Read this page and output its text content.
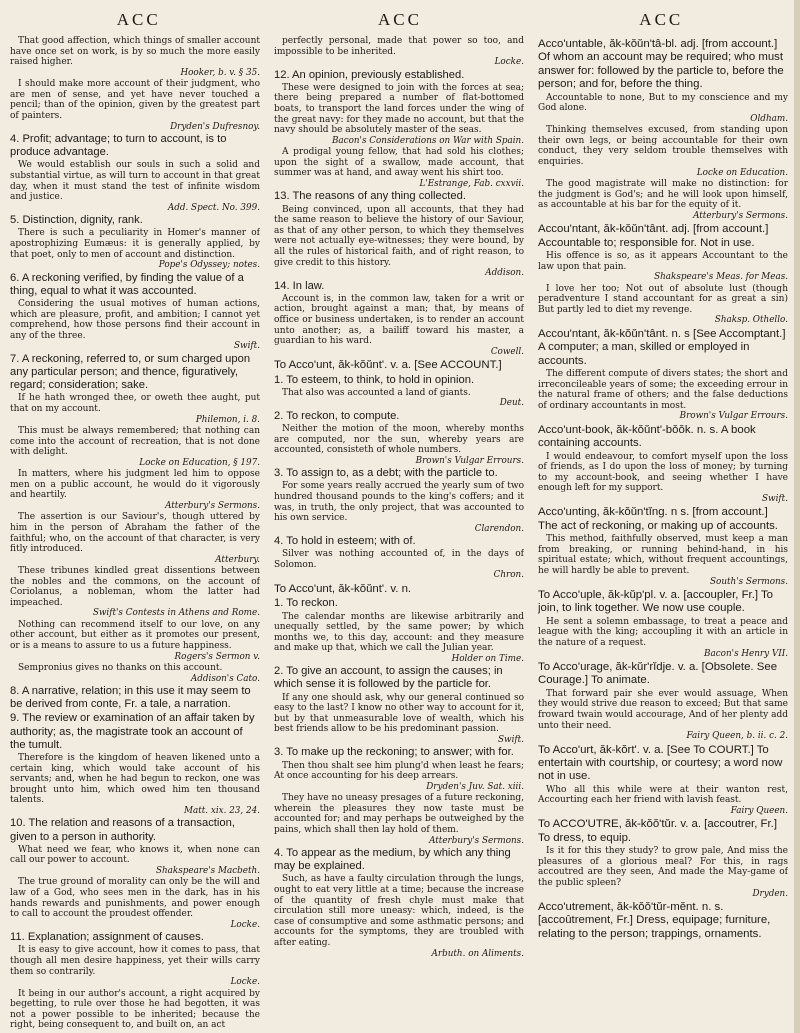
ACC	ACC	ACC

That good affection, which things of smaller account have once set on work, is by so much the more easily raised higher.

Hooker, b. v. § 35.

I should make more account of their judgment, who are men of sense, and yet have never touched a pencil; than of the opinion, given by the greatest part of painters.

Dryden's Dufresnoy.

4. Profit; advantage; to turn to account, is to produce advantage.

We would establish our souls in such a solid and substantial virtue, as will turn to account in that great day, when it must stand the test of infinite wisdom and justice.

Add. Spect. No. 399.

5. Distinction, dignity, rank.

There is such a peculiarity in Homer's manner of apostrophizing Eumæus: it is generally applied, by that poet, only to men of account and distinction.

Pope's Odyssey; notes.

6. A reckoning verified, by finding the value of a thing, equal to what it was accounted.

Considering the usual motives of human actions, which are pleasure, profit, and ambition; I cannot yet comprehend, how those persons find their account in any of the three.

Swift.

7. A reckoning, referred to, or sum charged upon any particular person; and thence, figuratively, regard; consideration; sake.

If he hath wronged thee, or oweth thee aught, put that on my account.

Philemon, i. 8.

This must be always remembered; that nothing can come into the account of recreation, that is not done with delight.

Locke on Education, § 197.

In matters, where his judgment led him to oppose men on a public account, he would do it vigorously and heartily.

Atterbury's Sermons.

The assertion is our Saviour's, though uttered by him in the person of Abraham the father of the faithful; who, on the account of that character, is very fitly introduced.

Atterbury.

These tribunes kindled great dissentions between the nobles and the commons, on the account of Coriolanus, a nobleman, whom the latter had impeached.

Swift's Contests in Athens and Rome.

Nothing can recommend itself to our love, on any other account, but either as it promotes our present, or is a means to assure to us a future happiness.

Rogers's Sermon v.

Sempronius gives no thanks on this account.

Addison's Cato.

8. A narrative, relation; in this use it may seem to be derived from conte, Fr. a tale, a narration.

9. The review or examination of an affair taken by authority; as, the magistrate took an account of the tumult.

Therefore is the kingdom of heaven likened unto a certain king, which would take account of his servants; and, when he had begun to reckon, one was brought unto him, which owed him ten thousand talents.

Matt. xix. 23, 24.

10. The relation and reasons of a transaction, given to a person in authority.

What need we fear, who knows it, when none can call our power to account.

Shakspeare's Macbeth.

The true ground of morality can only be the will and law of a God, who sees men in the dark, has in his hands rewards and punishments, and power enough to call to account the proudest offender.

Locke.

11. Explanation; assignment of causes.

It is easy to give account, how it comes to pass, that though all men desire happiness, yet their wills carry them so contrarily.

Locke.

It being in our author's account, a right acquired by begetting, to rule over those he had begotten, it was not a power possible to be inherited; because the right, being consequent to, and built on, an act

perfectly personal, made that power so too, and impossible to be inherited.

Locke.

12. An opinion, previously established.

These were designed to join with the forces at sea; there being prepared a number of flat-bottomed boats, to transport the land forces under the wing of the great navy: for they made no account, but that the navy should be absolutely master of the seas.

Bacon's Considerations on War with Spain.

A prodigal young fellow, that had sold his clothes; upon the sight of a swallow, made account, that summer was at hand, and away went his shirt too.

L'Estrange, Fab. cxxvii.

13. The reasons of any thing collected.

Being convinced, upon all accounts, that they had the same reason to believe the history of our Saviour, as that of any other person, to which they themselves were not actually eye-witnesses; they were bound, by all the rules of historical faith, and of right reason, to give credit to this history.

Addison.

14. In law.

Account is, in the common law, taken for a writ or action, brought against a man; that, by means of office or business undertaken, is to render an account unto another; as, a bailiff toward his master, a guardian to his ward.

Cowell.

To Acco'unt, ăk-kŏŭnt'. v. a. [See ACCOUNT.]

1. To esteem, to think, to hold in opinion.

That also was accounted a land of giants.

Deut.

2. To reckon, to compute.

Neither the motion of the moon, whereby months are computed, nor the sun, whereby years are accounted, consisteth of whole numbers.

Brown's Vulgar Errours.

3. To assign to, as a debt; with the particle to.

For some years really accrued the yearly sum of two hundred thousand pounds to the king's coffers; and it was, in truth, the only project, that was accounted to his own service.

Clarendon.

4. To hold in esteem; with of.

Silver was nothing accounted of, in the days of Solomon.

Chron.

To Acco'unt, ăk-kŏŭnt'. v. n.

1. To reckon.

The calendar months are likewise arbitrarily and unequally settled, by the same power; by which months we, to this day, account: and they measure and make up that, which we call the Julian year.

Holder on Time.

2. To give an account, to assign the causes; in which sense it is followed by the particle for.

If any one should ask, why our general continued so easy to the last? I know no other way to account for it, but by that unmeasurable love of wealth, which his best friends allow to be his predominant passion.

Swift.

3. To make up the reckoning; to answer; with for.

Then thou shalt see him plung'd when least he fears; At once accounting for his deep arrears.

Dryden's Juv. Sat. xiii.

They have no uneasy presages of a future reckoning, wherein the pleasures they now taste must be accounted for; and may perhaps be outweighed by the pains, which shall then lay hold of them.

Atterbury's Sermons.

4. To appear as the medium, by which any thing may be explained.

Such, as have a faulty circulation through the lungs, ought to eat very little at a time; because the increase of the quantity of fresh chyle must make that circulation still more uneasy: which, indeed, is the case of consumptive and some asthmatic persons; and accounts for the symptoms, they are troubled with after eating.

Arbuth. on Aliments.

Acco'untable, ăk-kŏŭn'tâ-bl. adj. [from account.] Of whom an account may be required; who must answer for: followed by the particle to, before the person; and for, before the thing.

Accountable to none, But to my conscience and my God alone.

Oldham.

Thinking themselves excused, from standing upon their own legs, or being accountable for their own conduct, they very seldom trouble themselves with enquiries.

Locke on Education.

The good magistrate will make no distinction: for the judgment is God's; and he will look upon himself, as accountable at his bar for the equity of it.

Atterbury's Sermons.

Accou'ntant, ăk-kŏŭn'tânt. adj. [from account.] Accountable to; responsible for. Not in use.

His offence is so, as it appears Accountant to the law upon that pain.

Shakspeare's Meas. for Meas.

I love her too; Not out of absolute lust (though peradventure I stand accountant for as great a sin) But partly led to diet my revenge.

Shaksp. Othello.

Accou'ntant, ăk-kŏŭn'tânt. n. s [See Accompt​ant.] A computer; a man, skilled or employed in accounts.

The different compute of divers states; the short and irreconcileable years of some; the exceeding errour in the natural frame of others; and the false deductions of ordinary accountants in most.

Brown's Vulgar Errours.

Acco'unt-book, ăk-kŏŭnt'-bŏŏk. n. s. A book containing accounts.

I would endeavour, to comfort myself upon the loss of friends, as I do upon the loss of money; by turning to my account-book, and seeing whether I have enough left for my support.

Swift.

Acco'unting, ăk-kŏŭn'tĭng. n s. [from account.] The act of reckoning, or making up of accounts.

This method, faithfully observed, must keep a man from breaking, or running behind-hand, in his spiritual estate; which, without frequent accountings, he will hardly be able to prevent.

South's Sermons.

To Acco'uple, ăk-kŭp'pl. v. a. [accoupler, Fr.] To join, to link together. We now use couple.

He sent a solemn embassage, to treat a peace and league with the king; accoupling it with an article in the nature of a request.

Bacon's Henry VII.

To Acco'urage, ăk-kŭr'rĭdje. v. a. [Obsolete. See Courage.] To animate.

That forward pair she ever would assuage, When they would strive due reason to exceed; But that same froward twain would accourage, And of her plenty add unto their need.

Fairy Queen, b. ii. c. 2.

To Acco'urt, ăk-kŏrt'. v. a. [See To COURT.] To entertain with courtship, or courtesy; a word now not in use.

Who all this while were at their wanton rest, Accourting each her friend with lavish feast.

Fairy Queen.

To ACCO'UTRE, ăk-kŏŏ'tŭr. v. a. [accoutrer, Fr.] To dress, to equip.

Is it for this they study? to grow pale, And miss the pleasures of a glorious meal? For this, in rags accoutred are they seen, And made the May-game of the public spleen?

Dryden.

Acco'utrement, ăk-kŏŏ'tŭr-mĕnt. n. s. [accoûtrement, Fr.] Dress, equipage; furniture, relating to the person; trappings, ornaments.
